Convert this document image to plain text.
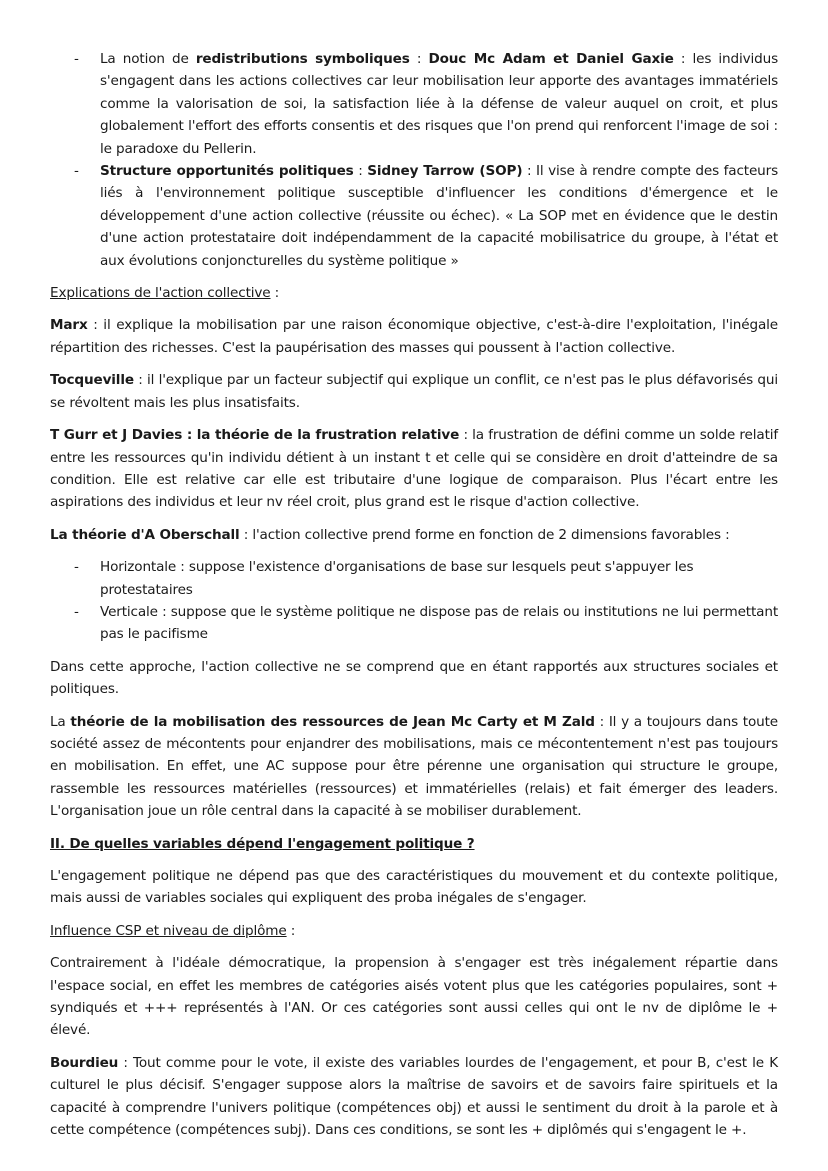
-	La notion de redistributions symboliques : Douc Mc Adam et Daniel Gaxie : les individus s'engagent dans les actions collectives car leur mobilisation leur apporte des avantages immatériels comme la valorisation de soi, la satisfaction liée à la défense de valeur auquel on croit, et plus globalement l'effort des efforts consentis et des risques que l'on prend qui renforcent l'image de soi : le paradoxe du Pellerin.
-	Structure opportunités politiques : Sidney Tarrow (SOP) : Il vise à rendre compte des facteurs liés à l'environnement politique susceptible d'influencer les conditions d'émergence et le développement d'une action collective (réussite ou échec). « La SOP met en évidence que le destin d'une action protestataire doit indépendamment de la capacité mobilisatrice du groupe, à l'état et aux évolutions conjoncturelles du système politique »

Explications de l'action collective :

Marx : il explique la mobilisation par une raison économique objective, c'est-à-dire l'exploitation, l'inégale répartition des richesses. C'est la paupérisation des masses qui poussent à l'action collective.

Tocqueville : il l'explique par un facteur subjectif qui explique un conflit, ce n'est pas le plus défavorisés qui se révoltent mais les plus insatisfaits.

T Gurr et J Davies : la théorie de la frustration relative : la frustration de défini comme un solde relatif entre les ressources qu'in individu détient à un instant t et celle qui se considère en droit d'atteindre de sa condition. Elle est relative car elle est tributaire d'une logique de comparaison. Plus l'écart entre les aspirations des individus et leur nv réel croit, plus grand est le risque d'action collective.

La théorie d'A Oberschall : l'action collective prend forme en fonction de 2 dimensions favorables :

-	Horizontale : suppose l'existence d'organisations de base sur lesquels peut s'appuyer les protestataires
-	Verticale : suppose que le système politique ne dispose pas de relais ou institutions ne lui permettant pas le pacifisme

Dans cette approche, l'action collective ne se comprend que en étant rapportés aux structures sociales et politiques.

La théorie de la mobilisation des ressources de Jean Mc Carty et M Zald : Il y a toujours dans toute société assez de mécontents pour enjandrer des mobilisations, mais ce mécontentement n'est pas toujours en mobilisation. En effet, une AC suppose pour être pérenne une organisation qui structure le groupe, rassemble les ressources matérielles (ressources) et immatérielles (relais) et fait émerger des leaders. L'organisation joue un rôle central dans la capacité à se mobiliser durablement.

II. De quelles variables dépend l'engagement politique ?

L'engagement politique ne dépend pas que des caractéristiques du mouvement et du contexte politique, mais aussi de variables sociales qui expliquent des proba inégales de s'engager.

Influence CSP et niveau de diplôme :

Contrairement à l'idéale démocratique, la propension à s'engager est très inégalement répartie dans l'espace social, en effet les membres de catégories aisés votent plus que les catégories populaires, sont + syndiqués et +++ représentés à l'AN. Or ces catégories sont aussi celles qui ont le nv de diplôme le + élevé.

Bourdieu : Tout comme pour le vote, il existe des variables lourdes de l'engagement, et pour B, c'est le K culturel le plus décisif. S'engager suppose alors la maîtrise de savoirs et de savoirs faire spirituels et la capacité à comprendre l'univers politique (compétences obj) et aussi le sentiment du droit à la parole et à cette compétence (compétences subj). Dans ces conditions, se sont les + diplômés qui s'engagent le +.
